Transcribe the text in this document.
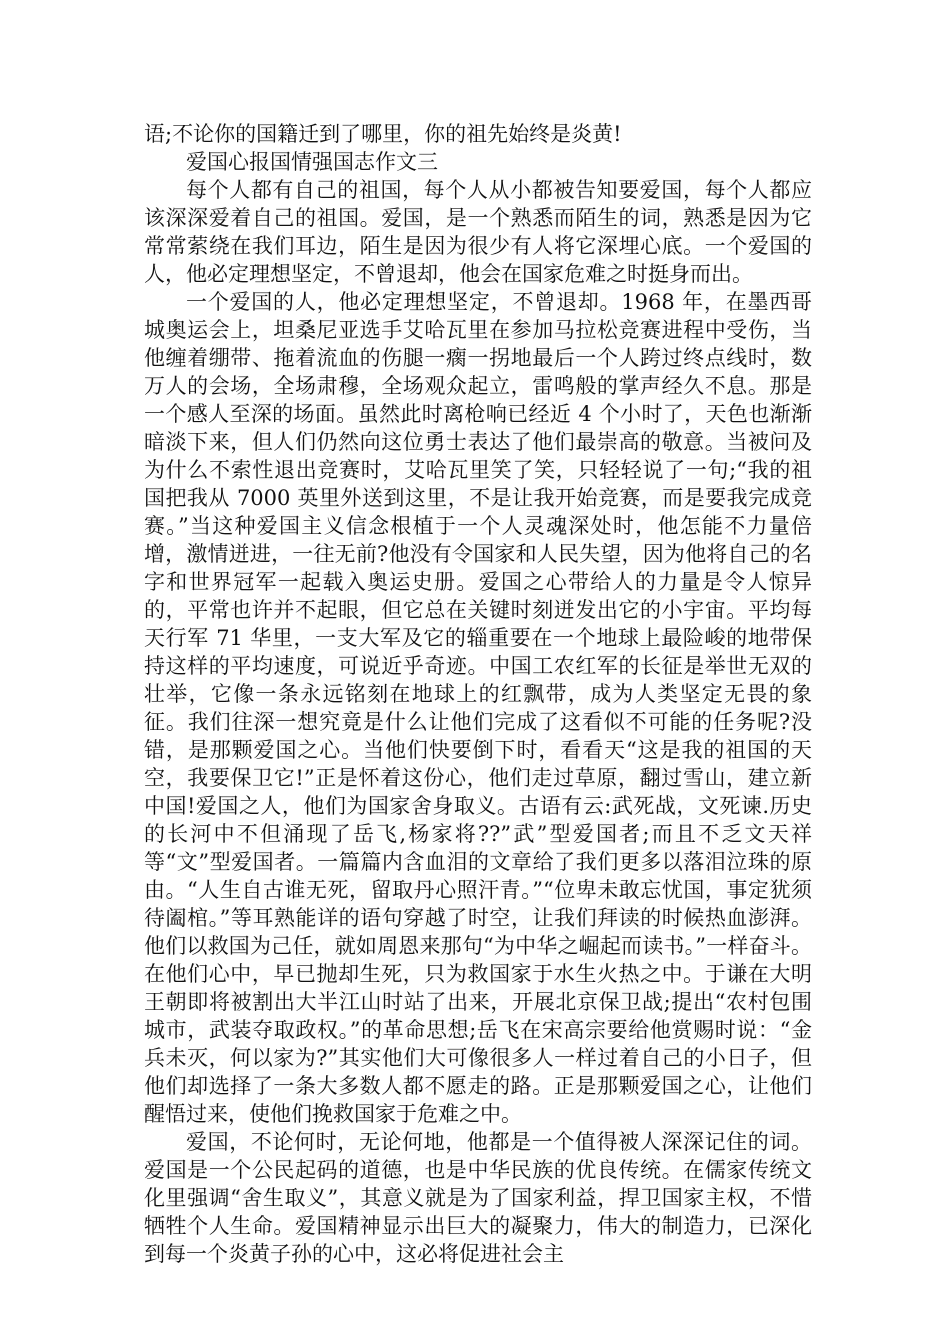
语;不论你的国籍迁到了哪里，你的祖先始终是炎黄!

爱国心报国情强国志作文三

每个人都有自己的祖国，每个人从小都被告知要爱国，每个人都应该深深爱着自己的祖国。爱国，是一个熟悉而陌生的词，熟悉是因为它常常萦绕在我们耳边，陌生是因为很少有人将它深埋心底。一个爱国的人，他必定理想坚定，不曾退却，他会在国家危难之时挺身而出。

一个爱国的人，他必定理想坚定，不曾退却。1968 年，在墨西哥城奥运会上，坦桑尼亚选手艾哈瓦里在参加马拉松竞赛进程中受伤，当他缠着绷带、拖着流血的伤腿一瘸一拐地最后一个人跨过终点线时，数万人的会场，全场肃穆，全场观众起立，雷鸣般的掌声经久不息。那是一个感人至深的场面。虽然此时离枪响已经近 4 个小时了，天色也渐渐暗淡下来，但人们仍然向这位勇士表达了他们最崇高的敬意。当被问及为什么不索性退出竞赛时，艾哈瓦里笑了笑，只轻轻说了一句;“我的祖国把我从 7000 英里外送到这里，不是让我开始竞赛，而是要我完成竞赛。”当这种爱国主义信念根植于一个人灵魂深处时，他怎能不力量倍增，激情迸进，一往无前?他没有令国家和人民失望，因为他将自己的名字和世界冠军一起载入奥运史册。爱国之心带给人的力量是令人惊异的，平常也许并不起眼，但它总在关键时刻迸发出它的小宇宙。平均每天行军 71 华里，一支大军及它的辎重要在一个地球上最险峻的地带保持这样的平均速度，可说近乎奇迹。中国工农红军的长征是举世无双的壮举，它像一条永远铭刻在地球上的红飘带，成为人类坚定无畏的象征。我们往深一想究竟是什么让他们完成了这看似不可能的任务呢?没错，是那颗爱国之心。当他们快要倒下时，看看天“这是我的祖国的天空，我要保卫它!”正是怀着这份心，他们走过草原，翻过雪山，建立新中国!爱国之人，他们为国家舍身取义。古语有云:武死战，文死谏.历史的长河中不但涌现了岳飞,杨家将??”武”型爱国者;而且不乏文天祥等“文”型爱国者。一篇篇内含血泪的文章给了我们更多以落泪泣珠的原由。“人生自古谁无死，留取丹心照汗青。”“位卑未敢忘忧国，事定犹须待阖棺。”等耳熟能详的语句穿越了时空，让我们拜读的时候热血澎湃。他们以救国为己任，就如周恩来那句“为中华之崛起而读书。”一样奋斗。在他们心中，早已抛却生死，只为救国家于水生火热之中。于谦在大明王朝即将被割出大半江山时站了出来，开展北京保卫战;提出“农村包围城市，武装夺取政权。”的革命思想;岳飞在宋高宗要给他赏赐时说：“金兵未灭，何以家为?”其实他们大可像很多人一样过着自己的小日子，但他们却选择了一条大多数人都不愿走的路。正是那颗爱国之心，让他们醒悟过来，使他们挽救国家于危难之中。

爱国，不论何时，无论何地，他都是一个值得被人深深记住的词。爱国是一个公民起码的道德，也是中华民族的优良传统。在儒家传统文化里强调“舍生取义”，其意义就是为了国家利益，捍卫国家主权，不惜牺牲个人生命。爱国精神显示出巨大的凝聚力，伟大的制造力，已深化到每一个炎黄子孙的心中，这必将促进社会主
